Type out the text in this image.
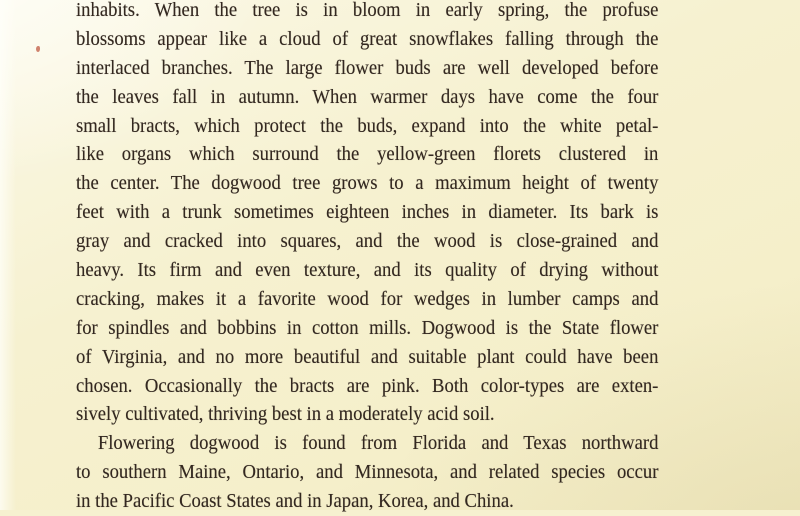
inhabits. When the tree is in bloom in early spring, the profuse
blossoms appear like a cloud of great snowflakes falling through the
interlaced branches. The large flower buds are well developed before
the leaves fall in autumn. When warmer days have come the four
small bracts, which protect the buds, expand into the white petal-
like organs which surround the yellow-green florets clustered in
the center. The dogwood tree grows to a maximum height of twenty
feet with a trunk sometimes eighteen inches in diameter. Its bark is
gray and cracked into squares, and the wood is close-grained and
heavy. Its firm and even texture, and its quality of drying without
cracking, makes it a favorite wood for wedges in lumber camps and
for spindles and bobbins in cotton mills. Dogwood is the State flower
of Virginia, and no more beautiful and suitable plant could have been
chosen. Occasionally the bracts are pink. Both color-types are exten-
sively cultivated, thriving best in a moderately acid soil.
Flowering dogwood is found from Florida and Texas northward
to southern Maine, Ontario, and Minnesota, and related species occur
in the Pacific Coast States and in Japan, Korea, and China.
